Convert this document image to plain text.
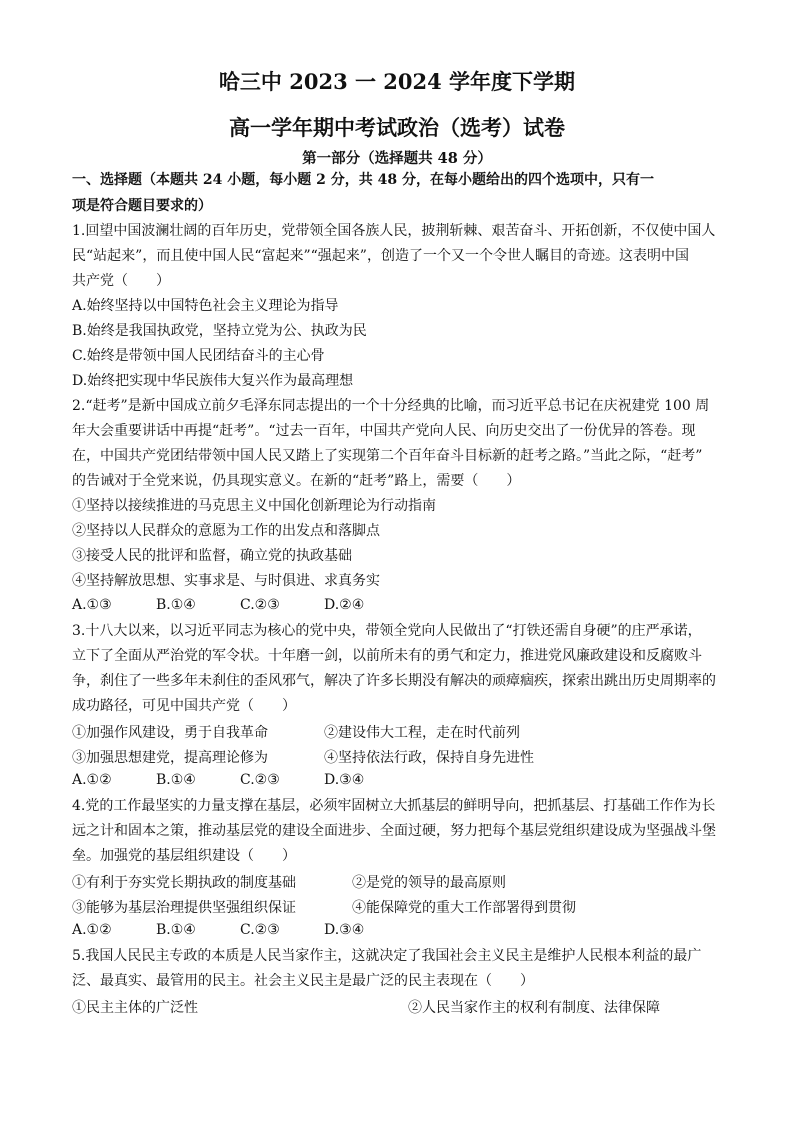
哈三中 2023 一 2024 学年度下学期
高一学年期中考试政治（选考）试卷
第一部分（选择题共 48 分）
一、选择题（本题共 24 小题，每小题 2 分，共 48 分，在每小题给出的四个选项中，只有一
项是符合题目要求的）
1.回望中国波澜壮阔的百年历史，党带领全国各族人民，披荆斩棘、艰苦奋斗、开拓创新，不仅使中国人
民“站起来”，而且使中国人民“富起来”“强起来”，创造了一个又一个令世人瞩目的奇迹。这表明中国
共产党（　　）
A.始终坚持以中国特色社会主义理论为指导
B.始终是我国执政党，坚持立党为公、执政为民
C.始终是带领中国人民团结奋斗的主心骨
D.始终把实现中华民族伟大复兴作为最高理想
2.“赶考”是新中国成立前夕毛泽东同志提出的一个十分经典的比喻，而习近平总书记在庆祝建党 100 周
年大会重要讲话中再提“赶考”。“过去一百年，中国共产党向人民、向历史交出了一份优异的答卷。现
在，中国共产党团结带领中国人民又踏上了实现第二个百年奋斗目标新的赶考之路。”当此之际，“赶考”
的告诫对于全党来说，仍具现实意义。在新的“赶考”路上，需要（　　）
①坚持以接续推进的马克思主义中国化创新理论为行动指南
②坚持以人民群众的意愿为工作的出发点和落脚点
③接受人民的批评和监督，确立党的执政基础
④坚持解放思想、实事求是、与时俱进、求真务实
A.①③	B.①④	C.②③	D.②④
3.十八大以来，以习近平同志为核心的党中央，带领全党向人民做出了“打铁还需自身硬”的庄严承诺，
立下了全面从严治党的军令状。十年磨一剑，以前所未有的勇气和定力，推进党风廉政建设和反腐败斗
争，刹住了一些多年未刹住的歪风邪气，解决了许多长期没有解决的顽瘴痼疾，探索出跳出历史周期率的
成功路径，可见中国共产党（　　）
①加强作风建设，勇于自我革命	②建设伟大工程，走在时代前列
③加强思想建党，提高理论修为	④坚持依法行政，保持自身先进性
A.①②	B.①④	C.②③	D.③④
4.党的工作最坚实的力量支撑在基层，必须牢固树立大抓基层的鲜明导向，把抓基层、打基础工作作为长
远之计和固本之策，推动基层党的建设全面进步、全面过硬，努力把每个基层党组织建设成为坚强战斗堡
垒。加强党的基层组织建设（　　）
①有利于夯实党长期执政的制度基础	②是党的领导的最高原则
③能够为基层治理提供坚强组织保证	④能保障党的重大工作部署得到贯彻
A.①②	B.①④	C.②③	D.③④
5.我国人民民主专政的本质是人民当家作主，这就决定了我国社会主义民主是维护人民根本利益的最广
泛、最真实、最管用的民主。社会主义民主是最广泛的民主表现在（　　）
①民主主体的广泛性	②人民当家作主的权利有制度、法律保障
